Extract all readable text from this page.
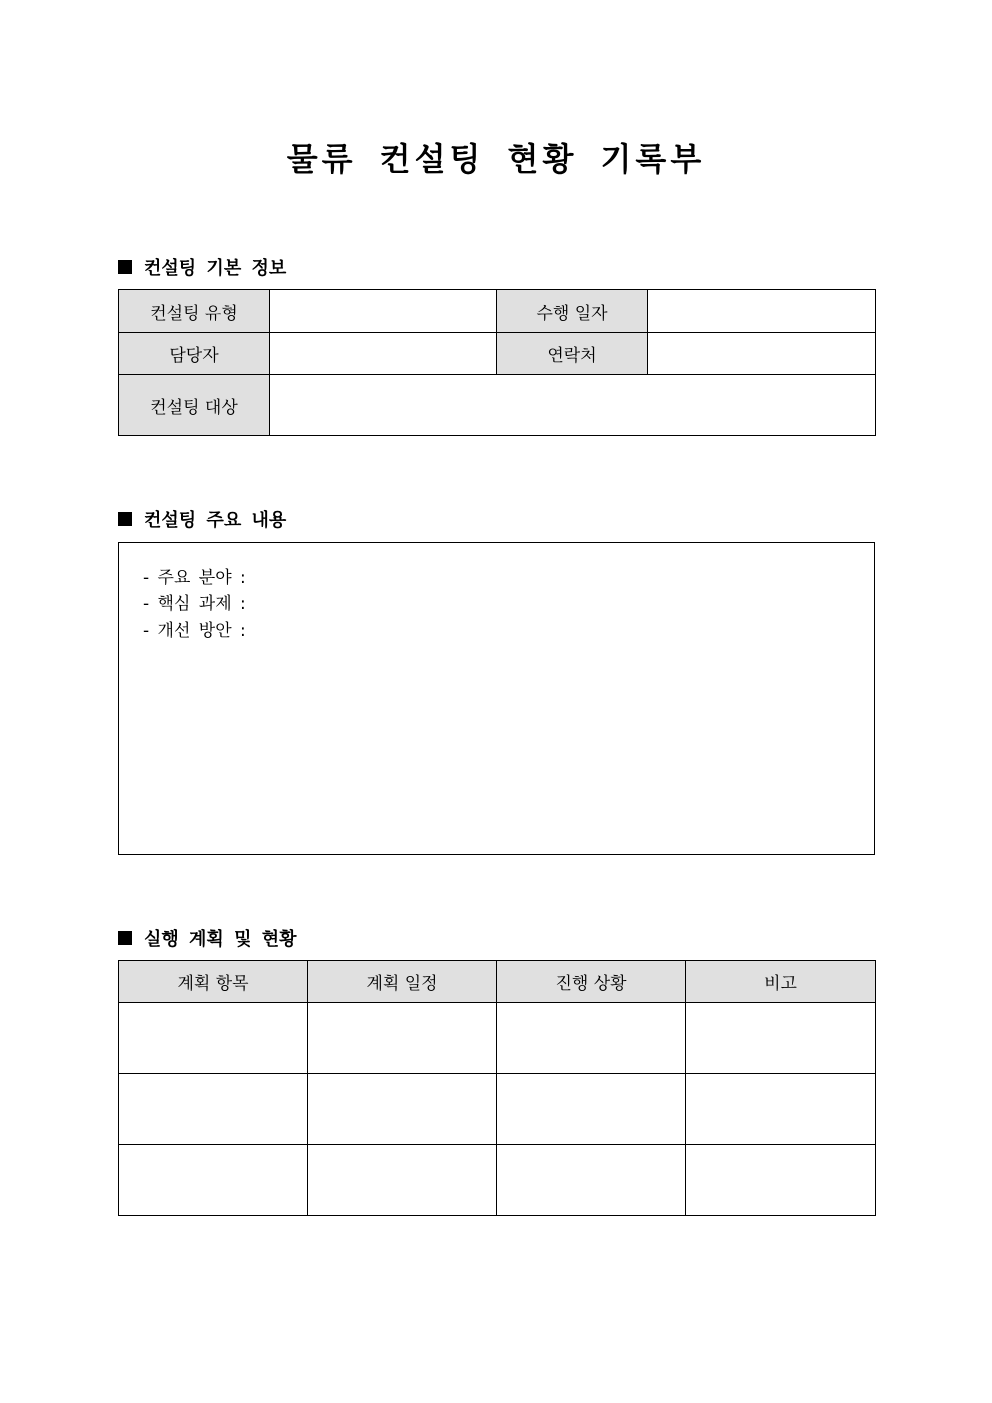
물류 컨설팅 현황 기록부
컨설팅 기본 정보
컨설팅 유형		수행 일자	
담당자		연락처	
컨설팅 대상			
컨설팅 주요 내용
- 주요 분야 :
- 핵심 과제 :
- 개선 방안 :
실행 계획 및 현황
계획 항목	계획 일정	진행 상황	비고
